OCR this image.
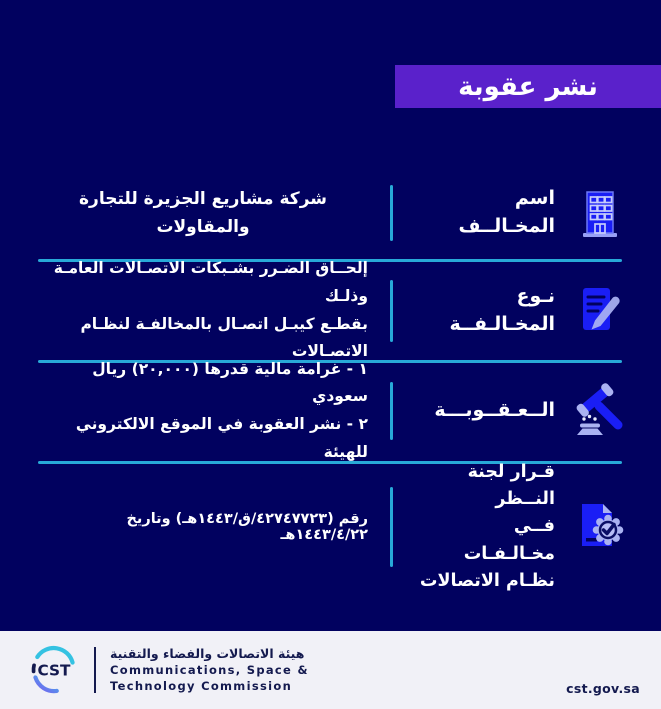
نشر عقوبة
اسم المخـالــف
شركة مشاريع الجزيرة للتجارة
والمقاولات
نـوع المخـالـفــة
إلحــاق الضـرر بشـبكات الاتصـالات العامـة وذلـك
بقطـع كيبـل اتصـال بالمخالفـة لنظـام الاتصـالات
الــعـقــوبـــة
١ - غرامة مالية قدرها (٢٠,٠٠٠) ريال سعودي
٢ - نشر العقوبة في الموقع الالكتروني للهيئة
قـرار لجنة النــظر
فــي مخـالـفـات
نظـام الاتصالات
رقم (٤٢٧٤٧٧٢٣/ق/١٤٤٣هـ) وتاريخ ١٤٤٣/٤/٢٢هـ
CST
هيئة الاتصالات والفضاء والتقنية
Communications, Space &
Technology Commission	cst.gov.sa
